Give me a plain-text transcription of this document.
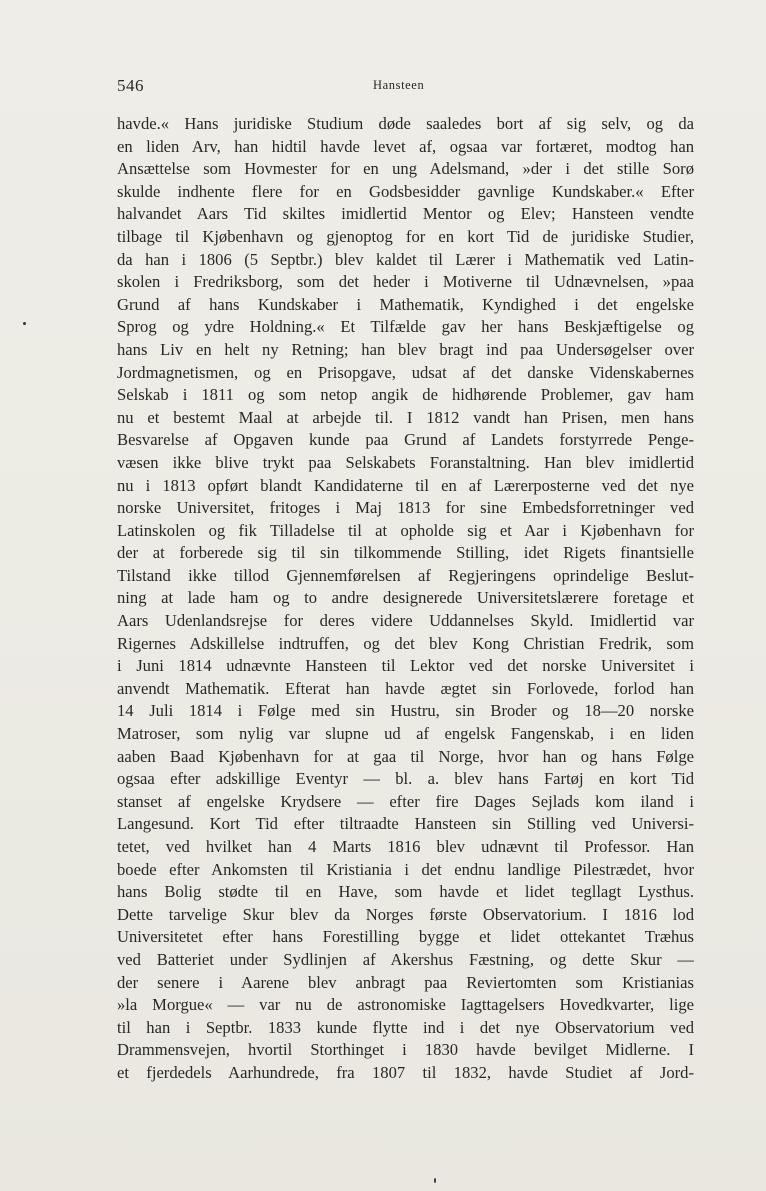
546	Hansteen
havde.« Hans juridiske Studium døde saaledes bort af sig selv, og da
en liden Arv, han hidtil havde levet af, ogsaa var fortæret, modtog han
Ansættelse som Hovmester for en ung Adelsmand, »der i det stille Sorø
skulde indhente flere for en Godsbesidder gavnlige Kundskaber.« Efter
halvandet Aars Tid skiltes imidlertid Mentor og Elev; Hansteen vendte
tilbage til Kjøbenhavn og gjenoptog for en kort Tid de juridiske Studier,
da han i 1806 (5 Septbr.) blev kaldet til Lærer i Mathematik ved Latin-
skolen i Fredriksborg, som det heder i Motiverne til Udnævnelsen, »paa
Grund af hans Kundskaber i Mathematik, Kyndighed i det engelske
Sprog og ydre Holdning.« Et Tilfælde gav her hans Beskjæftigelse og
hans Liv en helt ny Retning; han blev bragt ind paa Undersøgelser over
Jordmagnetismen, og en Prisopgave, udsat af det danske Videnskabernes
Selskab i 1811 og som netop angik de hidhørende Problemer, gav ham
nu et bestemt Maal at arbejde til. I 1812 vandt han Prisen, men hans
Besvarelse af Opgaven kunde paa Grund af Landets forstyrrede Penge-
væsen ikke blive trykt paa Selskabets Foranstaltning. Han blev imidlertid
nu i 1813 opført blandt Kandidaterne til en af Lærerposterne ved det nye
norske Universitet, fritoges i Maj 1813 for sine Embedsforretninger ved
Latinskolen og fik Tilladelse til at opholde sig et Aar i Kjøbenhavn for
der at forberede sig til sin tilkommende Stilling, idet Rigets finantsielle
Tilstand ikke tillod Gjennemførelsen af Regjeringens oprindelige Beslut-
ning at lade ham og to andre designerede Universitetslærere foretage et
Aars Udenlandsrejse for deres videre Uddannelses Skyld. Imidlertid var
Rigernes Adskillelse indtruffen, og det blev Kong Christian Fredrik, som
i Juni 1814 udnævnte Hansteen til Lektor ved det norske Universitet i
anvendt Mathematik. Efterat han havde ægtet sin Forlovede, forlod han
14 Juli 1814 i Følge med sin Hustru, sin Broder og 18—20 norske
Matroser, som nylig var slupne ud af engelsk Fangenskab, i en liden
aaben Baad Kjøbenhavn for at gaa til Norge, hvor han og hans Følge
ogsaa efter adskillige Eventyr — bl. a. blev hans Fartøj en kort Tid
stanset af engelske Krydsere — efter fire Dages Sejlads kom iland i
Langesund. Kort Tid efter tiltraadte Hansteen sin Stilling ved Universi-
tetet, ved hvilket han 4 Marts 1816 blev udnævnt til Professor. Han
boede efter Ankomsten til Kristiania i det endnu landlige Pilestrædet, hvor
hans Bolig stødte til en Have, som havde et lidet tegllagt Lysthus.
Dette tarvelige Skur blev da Norges første Observatorium. I 1816 lod
Universitetet efter hans Forestilling bygge et lidet ottekantet Træhus
ved Batteriet under Sydlinjen af Akershus Fæstning, og dette Skur —
der senere i Aarene blev anbragt paa Reviertomten som Kristianias
»la Morgue« — var nu de astronomiske Iagttagelsers Hovedkvarter, lige
til han i Septbr. 1833 kunde flytte ind i det nye Observatorium ved
Drammensvejen, hvortil Storthinget i 1830 havde bevilget Midlerne. I
et fjerdedels Aarhundrede, fra 1807 til 1832, havde Studiet af Jord-
